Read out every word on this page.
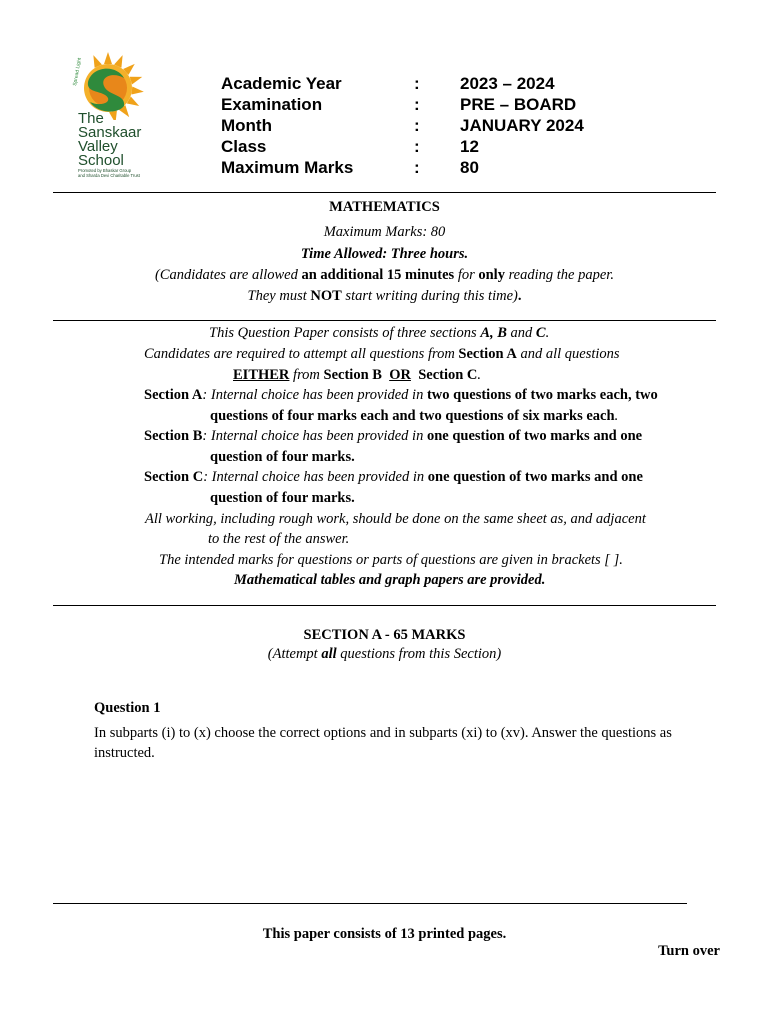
Spread Light
The
Sanskaar
Valley
School
Promoted by Bhaskar Group
and Sharda Devi Charitable Trust
Academic Year	: 2023 – 2024
Examination	: PRE – BOARD
Month	: JANUARY 2024
Class	: 12
Maximum Marks	: 80
MATHEMATICS
Maximum Marks: 80
Time Allowed: Three hours.
(Candidates are allowed an additional 15 minutes for only reading the paper.
They must NOT start writing during this time).
This Question Paper consists of three sections A, B and C.
Candidates are required to attempt all questions from Section A and all questions
EITHER from Section B OR Section C.
Section A: Internal choice has been provided in two questions of two marks each, two
questions of four marks each and two questions of six marks each.
Section B: Internal choice has been provided in one question of two marks and one
question of four marks.
Section C: Internal choice has been provided in one question of two marks and one
question of four marks.
All working, including rough work, should be done on the same sheet as, and adjacent
to the rest of the answer.
The intended marks for questions or parts of questions are given in brackets [ ].
Mathematical tables and graph papers are provided.
SECTION A - 65 MARKS
(Attempt all questions from this Section)
Question 1
In subparts (i) to (x) choose the correct options and in subparts (xi) to (xv). Answer the questions as instructed.
This paper consists of 13 printed pages.
Turn over
